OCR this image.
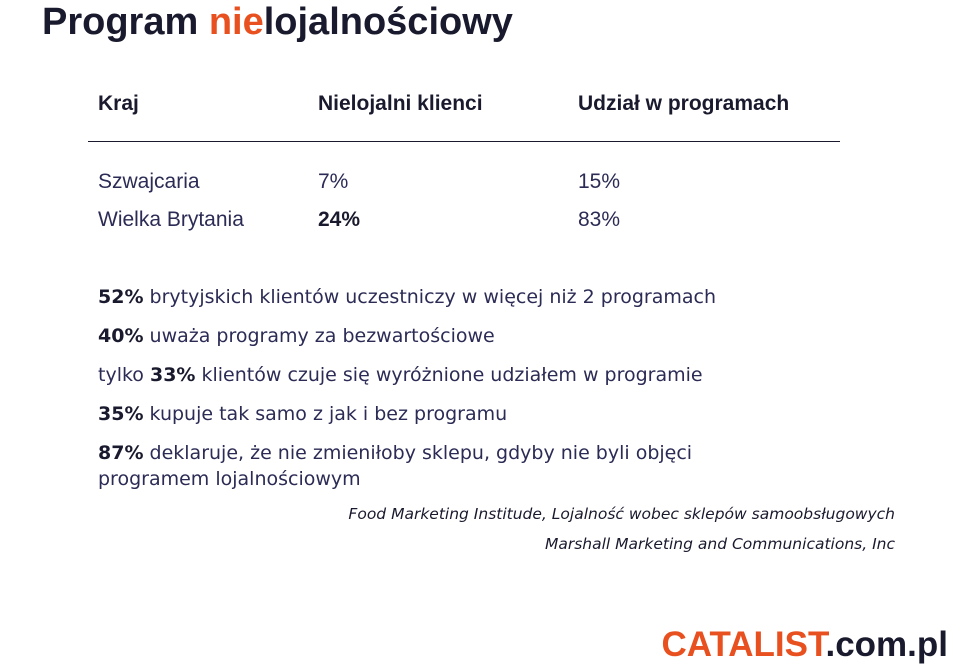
Program nielojalnościowy
Kraj	Nielojalni klienci	Udział w programach
Szwajcaria	7%	15%
Wielka Brytania	24%	83%
52% brytyjskich klientów uczestniczy w więcej niż 2 programach
40% uważa programy za bezwartościowe
tylko 33% klientów czuje się wyróżnione udziałem w programie
35% kupuje tak samo z jak i bez programu
87% deklaruje, że nie zmieniłoby sklepu, gdyby nie byli objęci
programem lojalnościowym
Food Marketing Institude, Lojalność wobec sklepów samoobsługowych
Marshall Marketing and Communications, Inc
CATALIST.com.pl
